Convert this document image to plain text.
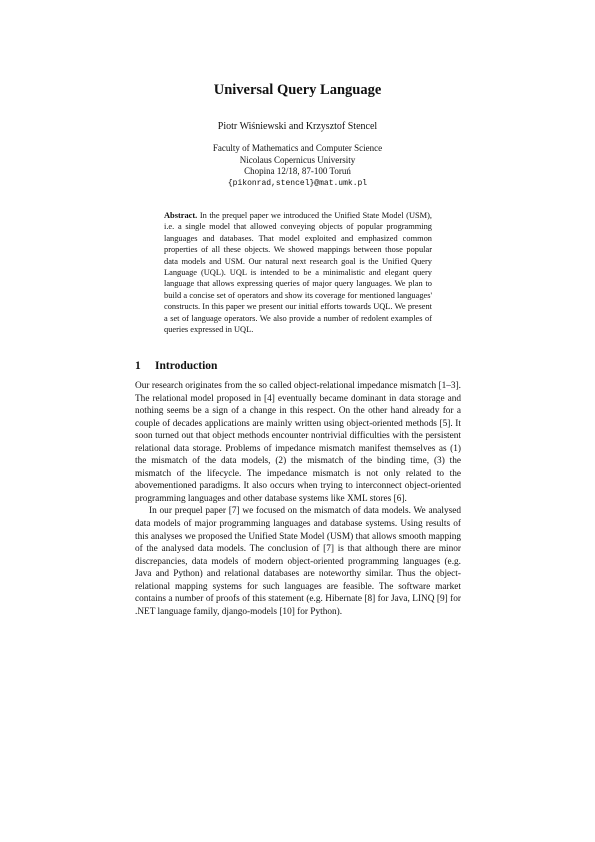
Universal Query Language
Piotr Wiśniewski and Krzysztof Stencel
Faculty of Mathematics and Computer Science
Nicolaus Copernicus University
Chopina 12/18, 87-100 Toruń
{pikonrad,stencel}@mat.umk.pl
Abstract. In the prequel paper we introduced the Unified State Model (USM), i.e. a single model that allowed conveying objects of popular programming languages and databases. That model exploited and emphasized common properties of all these objects. We showed mappings between those popular data models and USM. Our natural next research goal is the Unified Query Language (UQL). UQL is intended to be a minimalistic and elegant query language that allows expressing queries of major query languages. We plan to build a concise set of operators and show its coverage for mentioned languages' constructs. In this paper we present our initial efforts towards UQL. We present a set of language operators. We also provide a number of redolent examples of queries expressed in UQL.
1 Introduction

Our research originates from the so called object-relational impedance mismatch [1–3]. The relational model proposed in [4] eventually became dominant in data storage and nothing seems be a sign of a change in this respect. On the other hand already for a couple of decades applications are mainly written using object-oriented methods [5]. It soon turned out that object methods encounter nontrivial difficulties with the persistent relational data storage. Problems of impedance mismatch manifest themselves as (1) the mismatch of the data models, (2) the mismatch of the binding time, (3) the mismatch of the lifecycle. The impedance mismatch is not only related to the abovementioned paradigms. It also occurs when trying to interconnect object-oriented programming languages and other database systems like XML stores [6].

In our prequel paper [7] we focused on the mismatch of data models. We analysed data models of major programming languages and database systems. Using results of this analyses we proposed the Unified State Model (USM) that allows smooth mapping of the analysed data models. The conclusion of [7] is that although there are minor discrepancies, data models of modern object-oriented programming languages (e.g. Java and Python) and relational databases are noteworthy similar. Thus the object-relational mapping systems for such languages are feasible. The software market contains a number of proofs of this statement (e.g. Hibernate [8] for Java, LINQ [9] for .NET language family, django-models [10] for Python).
